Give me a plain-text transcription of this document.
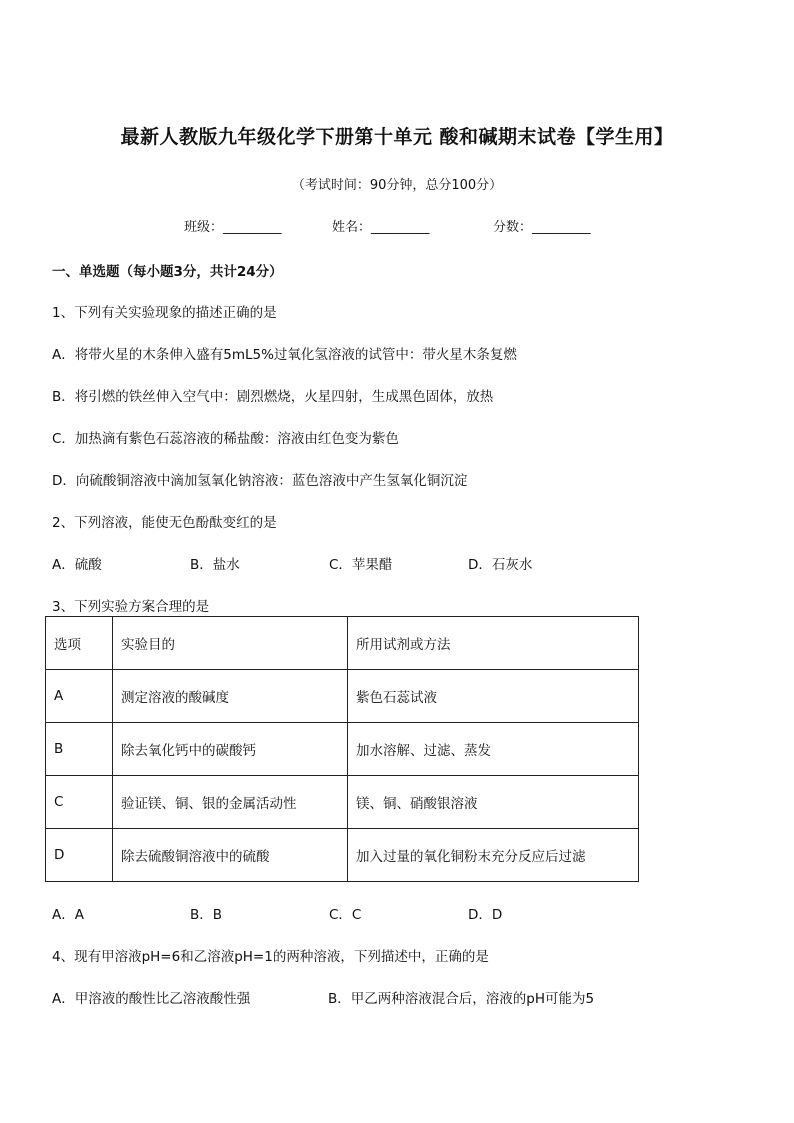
最新人教版九年级化学下册第十单元 酸和碱期末试卷【学生用】
（考试时间：90分钟，总分100分）
班级：_________	姓名：_________	分数：_________
一、单选题（每小题3分，共计24分）
1、下列有关实验现象的描述正确的是
A．将带火星的木条伸入盛有5mL5%过氧化氢溶液的试管中：带火星木条复燃
B．将引燃的铁丝伸入空气中：剧烈燃烧，火星四射，生成黑色固体，放热
C．加热滴有紫色石蕊溶液的稀盐酸：溶液由红色变为紫色
D．向硫酸铜溶液中滴加氢氧化钠溶液：蓝色溶液中产生氢氧化铜沉淀
2、下列溶液，能使无色酚酞变红的是
A．硫酸	B．盐水	C．苹果醋	D．石灰水
3、下列实验方案合理的是
选项	实验目的	所用试剂或方法
A	测定溶液的酸碱度	紫色石蕊试液
B	除去氧化钙中的碳酸钙	加水溶解、过滤、蒸发
C	验证镁、铜、银的金属活动性	镁、铜、硝酸银溶液
D	除去硫酸铜溶液中的硫酸	加入过量的氧化铜粉末充分反应后过滤
A．A	B．B	C．C	D．D
4、现有甲溶液pH=6和乙溶液pH=1的两种溶液，下列描述中，正确的是
A．甲溶液的酸性比乙溶液酸性强	B．甲乙两种溶液混合后，溶液的pH可能为5
